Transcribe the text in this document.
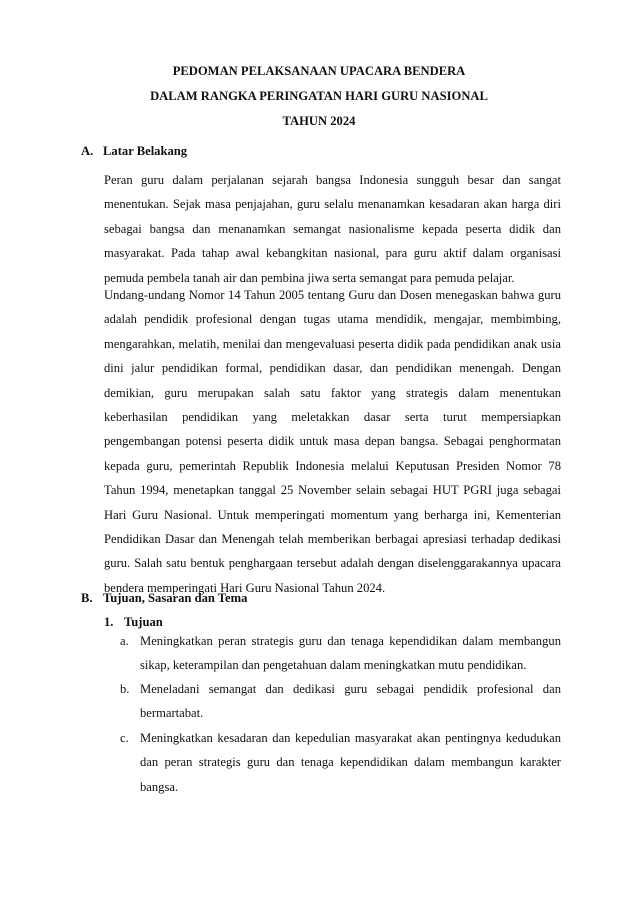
PEDOMAN PELAKSANAAN UPACARA BENDERA
DALAM RANGKA PERINGATAN HARI GURU NASIONAL
TAHUN 2024
A. Latar Belakang

Peran guru dalam perjalanan sejarah bangsa Indonesia sungguh besar dan sangat menentukan. Sejak masa penjajahan, guru selalu menanamkan kesadaran akan harga diri sebagai bangsa dan menanamkan semangat nasionalisme kepada peserta didik dan masyarakat. Pada tahap awal kebangkitan nasional, para guru aktif dalam organisasi pemuda pembela tanah air dan pembina jiwa serta semangat para pemuda pelajar.

Undang-undang Nomor 14 Tahun 2005 tentang Guru dan Dosen menegaskan bahwa guru adalah pendidik profesional dengan tugas utama mendidik, mengajar, membimbing, mengarahkan, melatih, menilai dan mengevaluasi peserta didik pada pendidikan anak usia dini jalur pendidikan formal, pendidikan dasar, dan pendidikan menengah. Dengan demikian, guru merupakan salah satu faktor yang strategis dalam menentukan keberhasilan pendidikan yang meletakkan dasar serta turut mempersiapkan pengembangan potensi peserta didik untuk masa depan bangsa. Sebagai penghormatan kepada guru, pemerintah Republik Indonesia melalui Keputusan Presiden Nomor 78 Tahun 1994, menetapkan tanggal 25 November selain sebagai HUT PGRI juga sebagai Hari Guru Nasional. Untuk memperingati momentum yang berharga ini, Kementerian Pendidikan Dasar dan Menengah telah memberikan berbagai apresiasi terhadap dedikasi guru. Salah satu bentuk penghargaan tersebut adalah dengan diselenggarakannya upacara bendera memperingati Hari Guru Nasional Tahun 2024.

B. Tujuan, Sasaran dan Tema
1. Tujuan
a. Meningkatkan peran strategis guru dan tenaga kependidikan dalam membangun sikap, keterampilan dan pengetahuan dalam meningkatkan mutu pendidikan.
b. Meneladani semangat dan dedikasi guru sebagai pendidik profesional dan bermartabat.
c. Meningkatkan kesadaran dan kepedulian masyarakat akan pentingnya kedudukan dan peran strategis guru dan tenaga kependidikan dalam membangun karakter bangsa.
